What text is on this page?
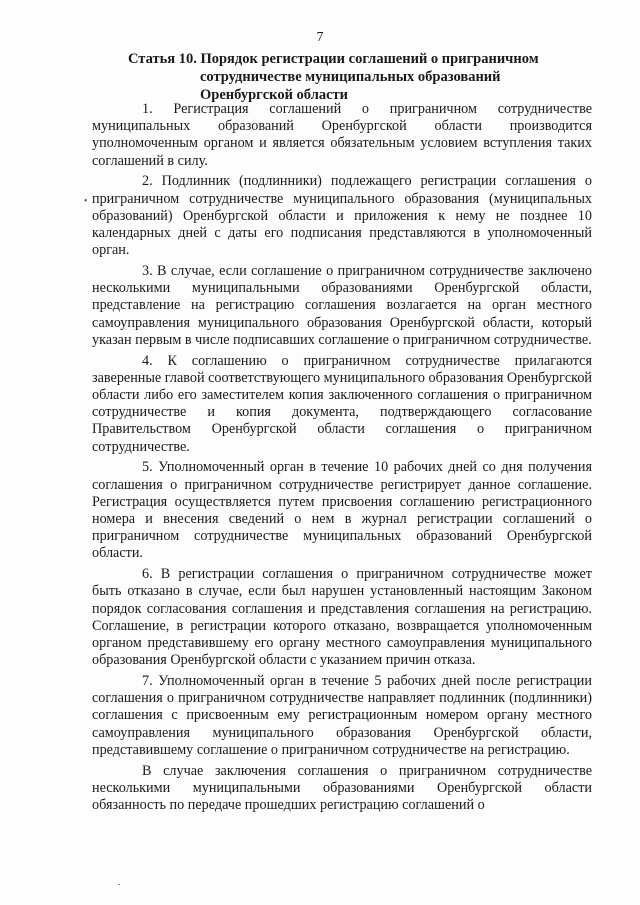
7
Статья 10. Порядок регистрации соглашений о приграничном
сотрудничестве муниципальных образований
Оренбургской области
•

1. Регистрация соглашений о приграничном сотрудничестве муниципальных образований Оренбургской области производится уполномоченным органом и является обязательным условием вступления таких соглашений в силу.

2. Подлинник (подлинники) подлежащего регистрации соглашения о приграничном сотрудничестве муниципального образования (муниципальных образований) Оренбургской области и приложения к нему не позднее 10 календарных дней с даты его подписания представляются в уполномоченный орган.

3. В случае, если соглашение о приграничном сотрудничестве заключено несколькими муниципальными образованиями Оренбургской области, представление на регистрацию соглашения возлагается на орган местного самоуправления муниципального образования Оренбургской области, который указан первым в числе подписавших соглашение о приграничном сотрудничестве.

4. К соглашению о приграничном сотрудничестве прилагаются заверенные главой соответствующего муниципального образования Оренбургской области либо его заместителем копия заключенного соглашения о приграничном сотрудничестве и копия документа, подтверждающего согласование Правительством Оренбургской области соглашения о приграничном сотрудничестве.

5. Уполномоченный орган в течение 10 рабочих дней со дня получения соглашения о приграничном сотрудничестве регистрирует данное соглашение. Регистрация осуществляется путем присвоения соглашению регистрационного номера и внесения сведений о нем в журнал регистрации соглашений о приграничном сотрудничестве муниципальных образований Оренбургской области.

6. В регистрации соглашения о приграничном сотрудничестве может быть отказано в случае, если был нарушен установленный настоящим Законом порядок согласования соглашения и представления соглашения на регистрацию. Соглашение, в регистрации которого отказано, возвращается уполномоченным органом представившему его органу местного самоуправления муниципального образования Оренбургской области с указанием причин отказа.

7. Уполномоченный орган в течение 5 рабочих дней после регистрации соглашения о приграничном сотрудничестве направляет подлинник (подлинники) соглашения с присвоенным ему регистрационным номером органу местного самоуправления муниципального образования Оренбургской области, представившему соглашение о приграничном сотрудничестве на регистрацию.

В случае заключения соглашения о приграничном сотрудничестве несколькими муниципальными образованиями Оренбургской области обязанность по передаче прошедших регистрацию соглашений о
